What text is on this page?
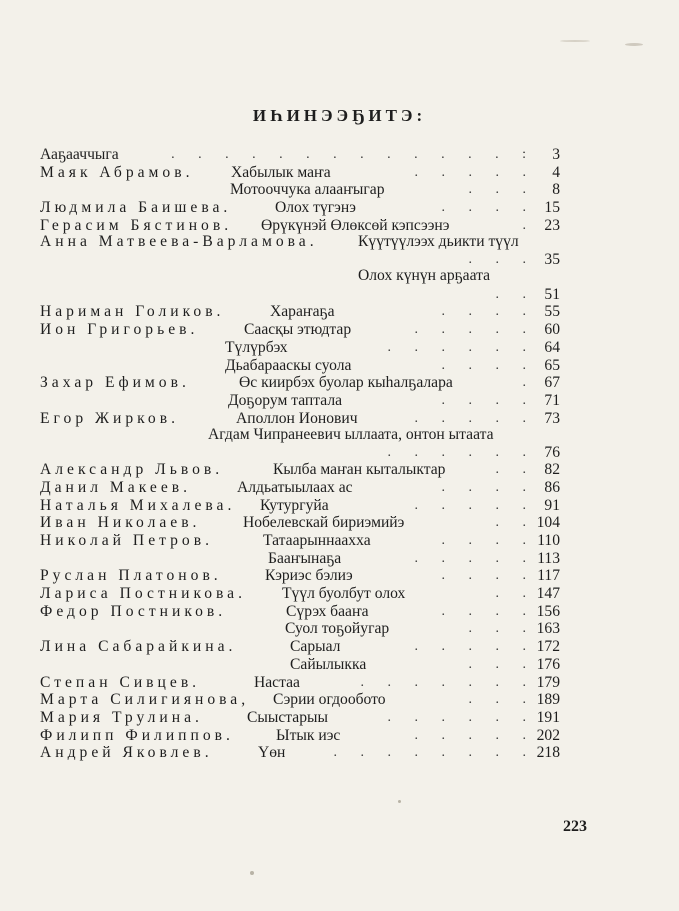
ИҺИНЭЭҔИТЭ:
Ааҕааччыга	. . . . . . . . . . . . . :	3
Маяк Абрамов. Хабылык маҥа	. . . . .	4
Мотооччука алааҥыгар	. . .	8
Людмила Баишева.	Олох түгэнэ	. . . . 15
Герасим Бястинов. Өрүкүнэй Өлөксөй кэпсээнэ	. 23
Анна Матвеева-Варламова.	Күүтүүлээх дьикти түүл
. . . 35
Олох күнүн арҕаата
. . 51
Нариман Голиков.	Хараҥаҕа	. . . . 55
Ион Григорьев.	Саасқы этюдтар	. . . . . 60
Түлүрбэх	. . . . . . 64
Дьабарааскы суола	. . . . 65
Захар Ефимов.	Өс киирбэх буолар кыһалҕалара	. 67
Доҕорум таптала	. . . . 71
Егор Жирков.	Аполлон Ионович	. . . . . 73
Агдам Чипранеевич ыллаата, онтон ытаата
. . . . . . 76
Александр Львов.	Кылба маҥан кыталыктар	. . 82
Данил Макеев.	Алдьатыылаах ас	. . . . 86
Наталья Михалева. Кутургуйа	. . . . . 91
Иван Николаев.	Нобелевскай бириэмийэ	. . 104
Николай Петров.	Татаарыннаахха	. . . . 110
Бааҥынаҕа	. . . . . 113
Руслан Платонов.	Кэриэс бэлиэ	. . . . 117
Лариса Постникова. Түүл буолбут олох	. . 147
Федор Постников.	Сүрэх бааҥа	. . . . 156
Суол тоҕойугар	. . . 163
Лина Сабарайкина.	Сарыал	. . . . . 172
Сайылыкка	. . . 176
Степан Сивцев.	Настаа	. . . . . . . 179
Марта Силигиянова, Сэрии огдообото	. . . 189
Мария Трулина.	Сыыстарыы	. . . . . . 191
Филипп Филиппов.	Ытык иэс	. . . . . 202
Андрей Яковлев.	Үөн	. . . . . . . . 218
223
